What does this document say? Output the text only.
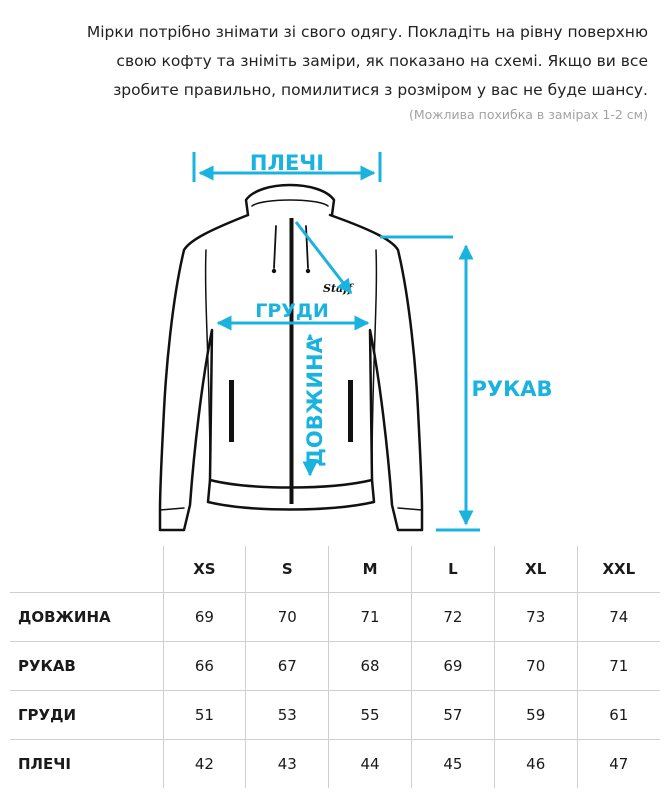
Мірки потрібно знімати зі свого одягу. Покладіть на рівну поверхню
свою кофту та зніміть заміри, як показано на схемі. Якщо ви все
зробите правильно, помилитися з розміром у вас не буде шансу.
(Можлива похибка в замірах 1-2 см)
Staff
ПЛЕЧІ
ГРУДИ
ДОВЖИНА	РУКАВ
	XS	S	M	L	XL	XXL
ДОВЖИНА	69	70	71	72	73	74
РУКАВ	66	67	68	69	70	71
ГРУДИ	51	53	55	57	59	61
ПЛЕЧІ	42	43	44	45	46	47
